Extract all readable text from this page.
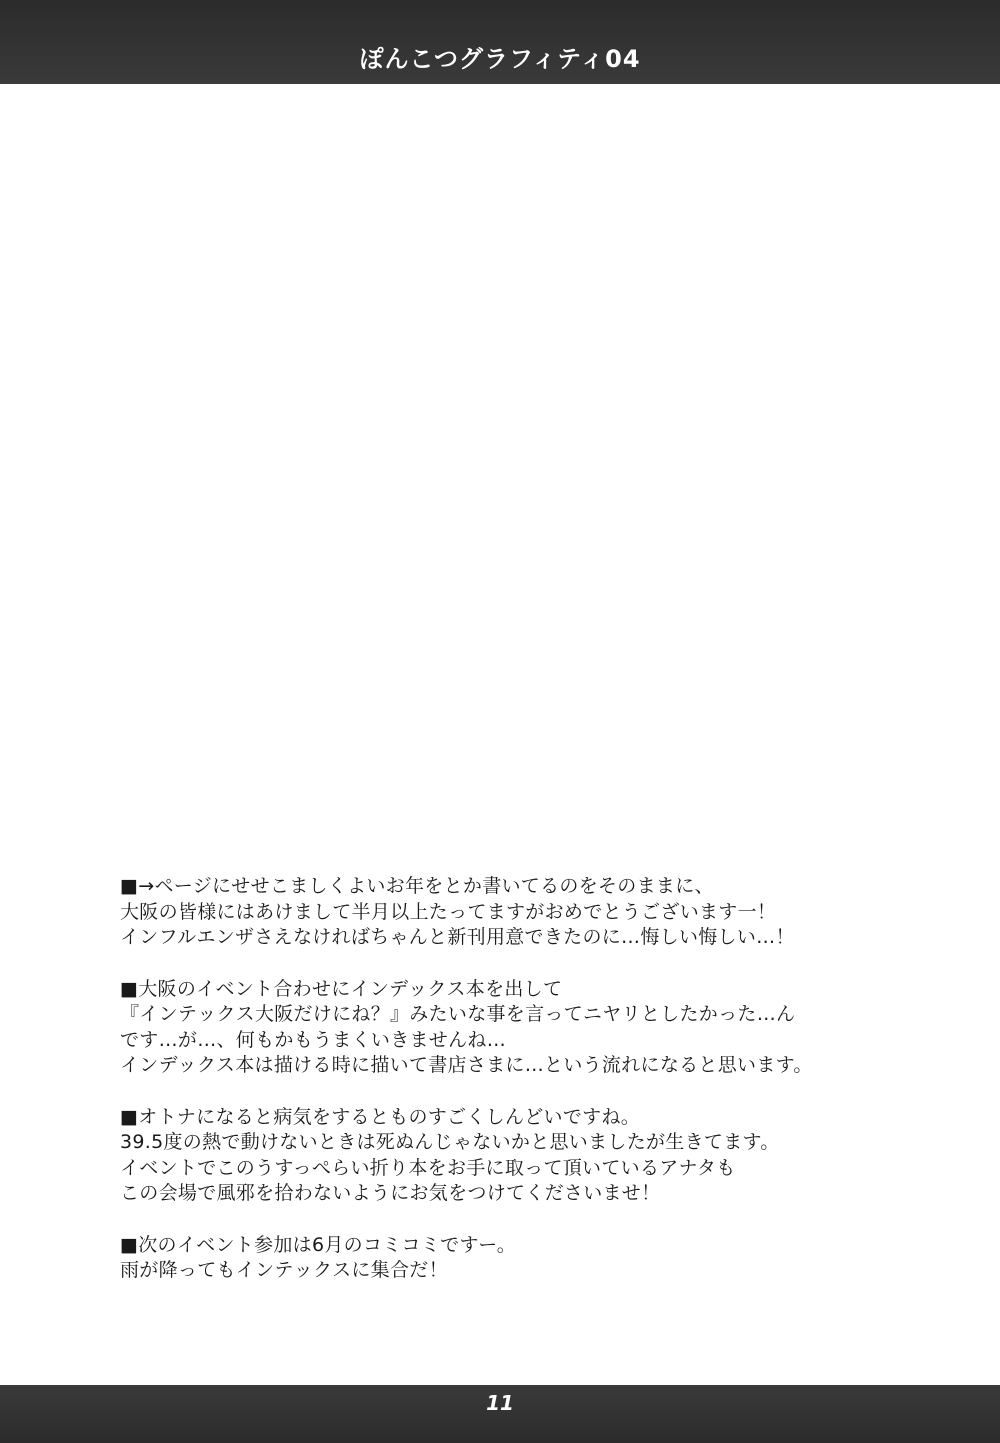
ぽんこつグラフィティ04
■→ページにせせこましくよいお年をとか書いてるのをそのままに、
大阪の皆様にはあけまして半月以上たってますがおめでとうございます一！
インフルエンザさえなければちゃんと新刊用意できたのに…悔しい悔しい…！
■大阪のイベント合わせにインデックス本を出して
『インテックス大阪だけにね？』みたいな事を言ってニヤリとしたかった…ん
です…が…、何もかもうまくいきませんね…
インデックス本は描ける時に描いて書店さまに…という流れになると思います。
■オトナになると病気をするとものすごくしんどいですね。
39.5度の熱で動けないときは死ぬんじゃないかと思いましたが生きてます。
イベントでこのうすっぺらい折り本をお手に取って頂いているアナタも
この会場で風邪を拾わないようにお気をつけてくださいませ！
■次のイベント参加は6月のコミコミですー。
雨が降ってもインテックスに集合だ！
11
